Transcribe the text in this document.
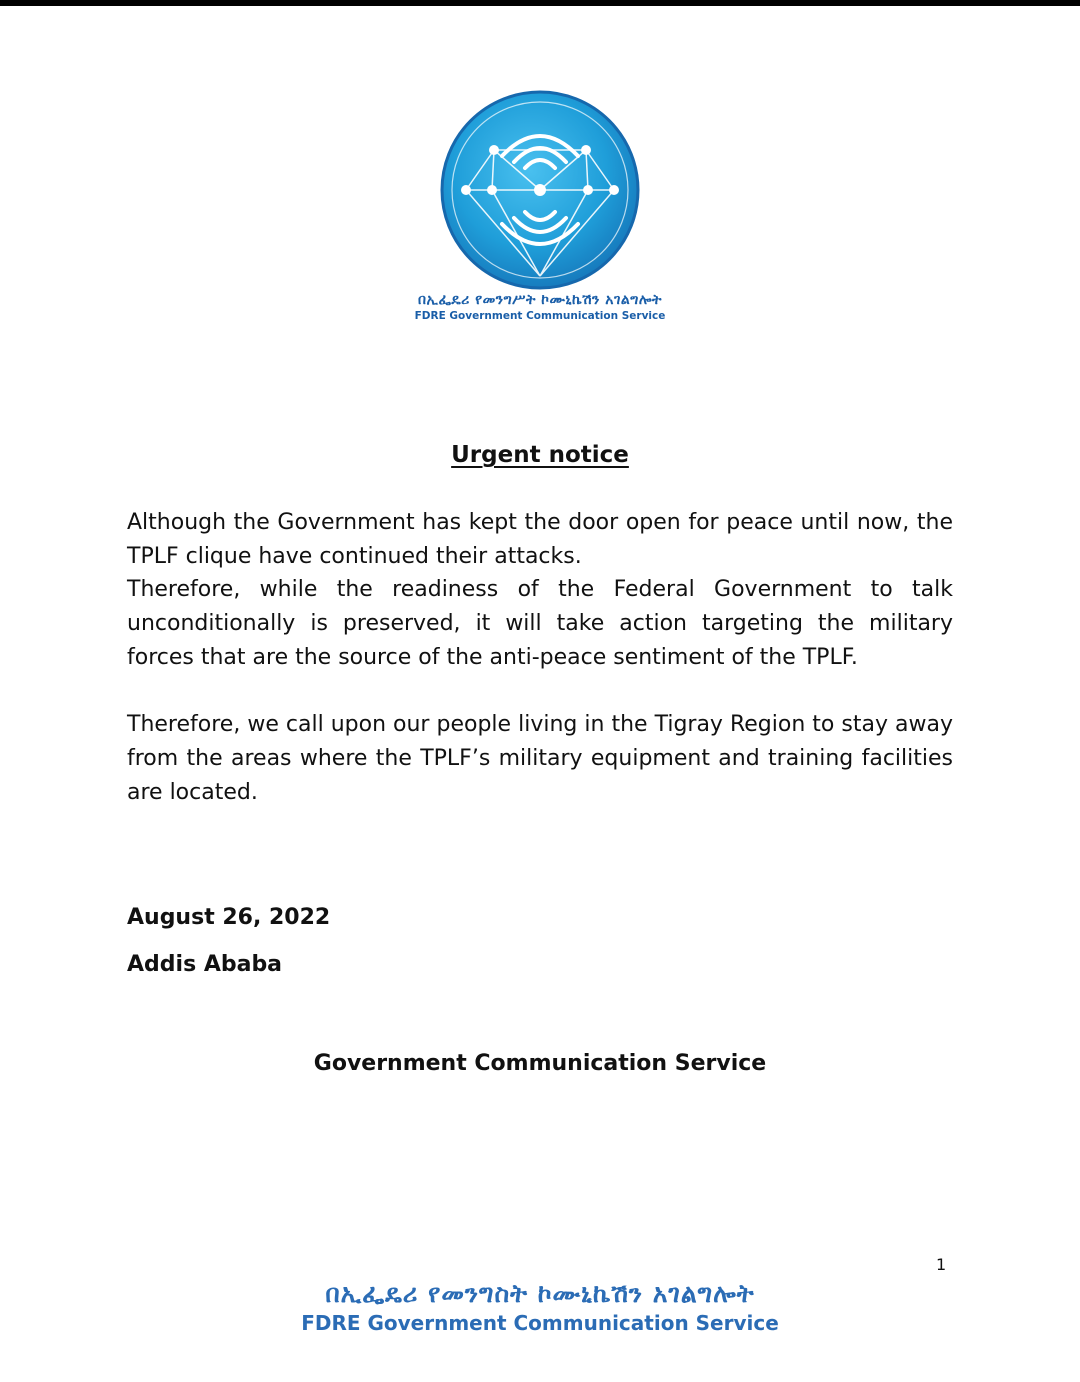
በኢፌዴሪ የመንግሥት ኮሙኒኬሽን አገልግሎት
FDRE Government Communication Service
Urgent notice

Although the Government has kept the door open for peace until now, the TPLF clique have continued their attacks.

Therefore, while the readiness of the Federal Government to talk unconditionally is preserved, it will take action targeting the military forces that are the source of the anti-peace sentiment of the TPLF.

Therefore, we call upon our people living in the Tigray Region to stay away from the areas where the TPLF’s military equipment and training facilities are located.

August 26, 2022
Addis Ababa
Government Communication Service
1
በኢፌዴሪ የመንግስት ኮሙኒኬሽን አገልግሎት
FDRE Government Communication Service
